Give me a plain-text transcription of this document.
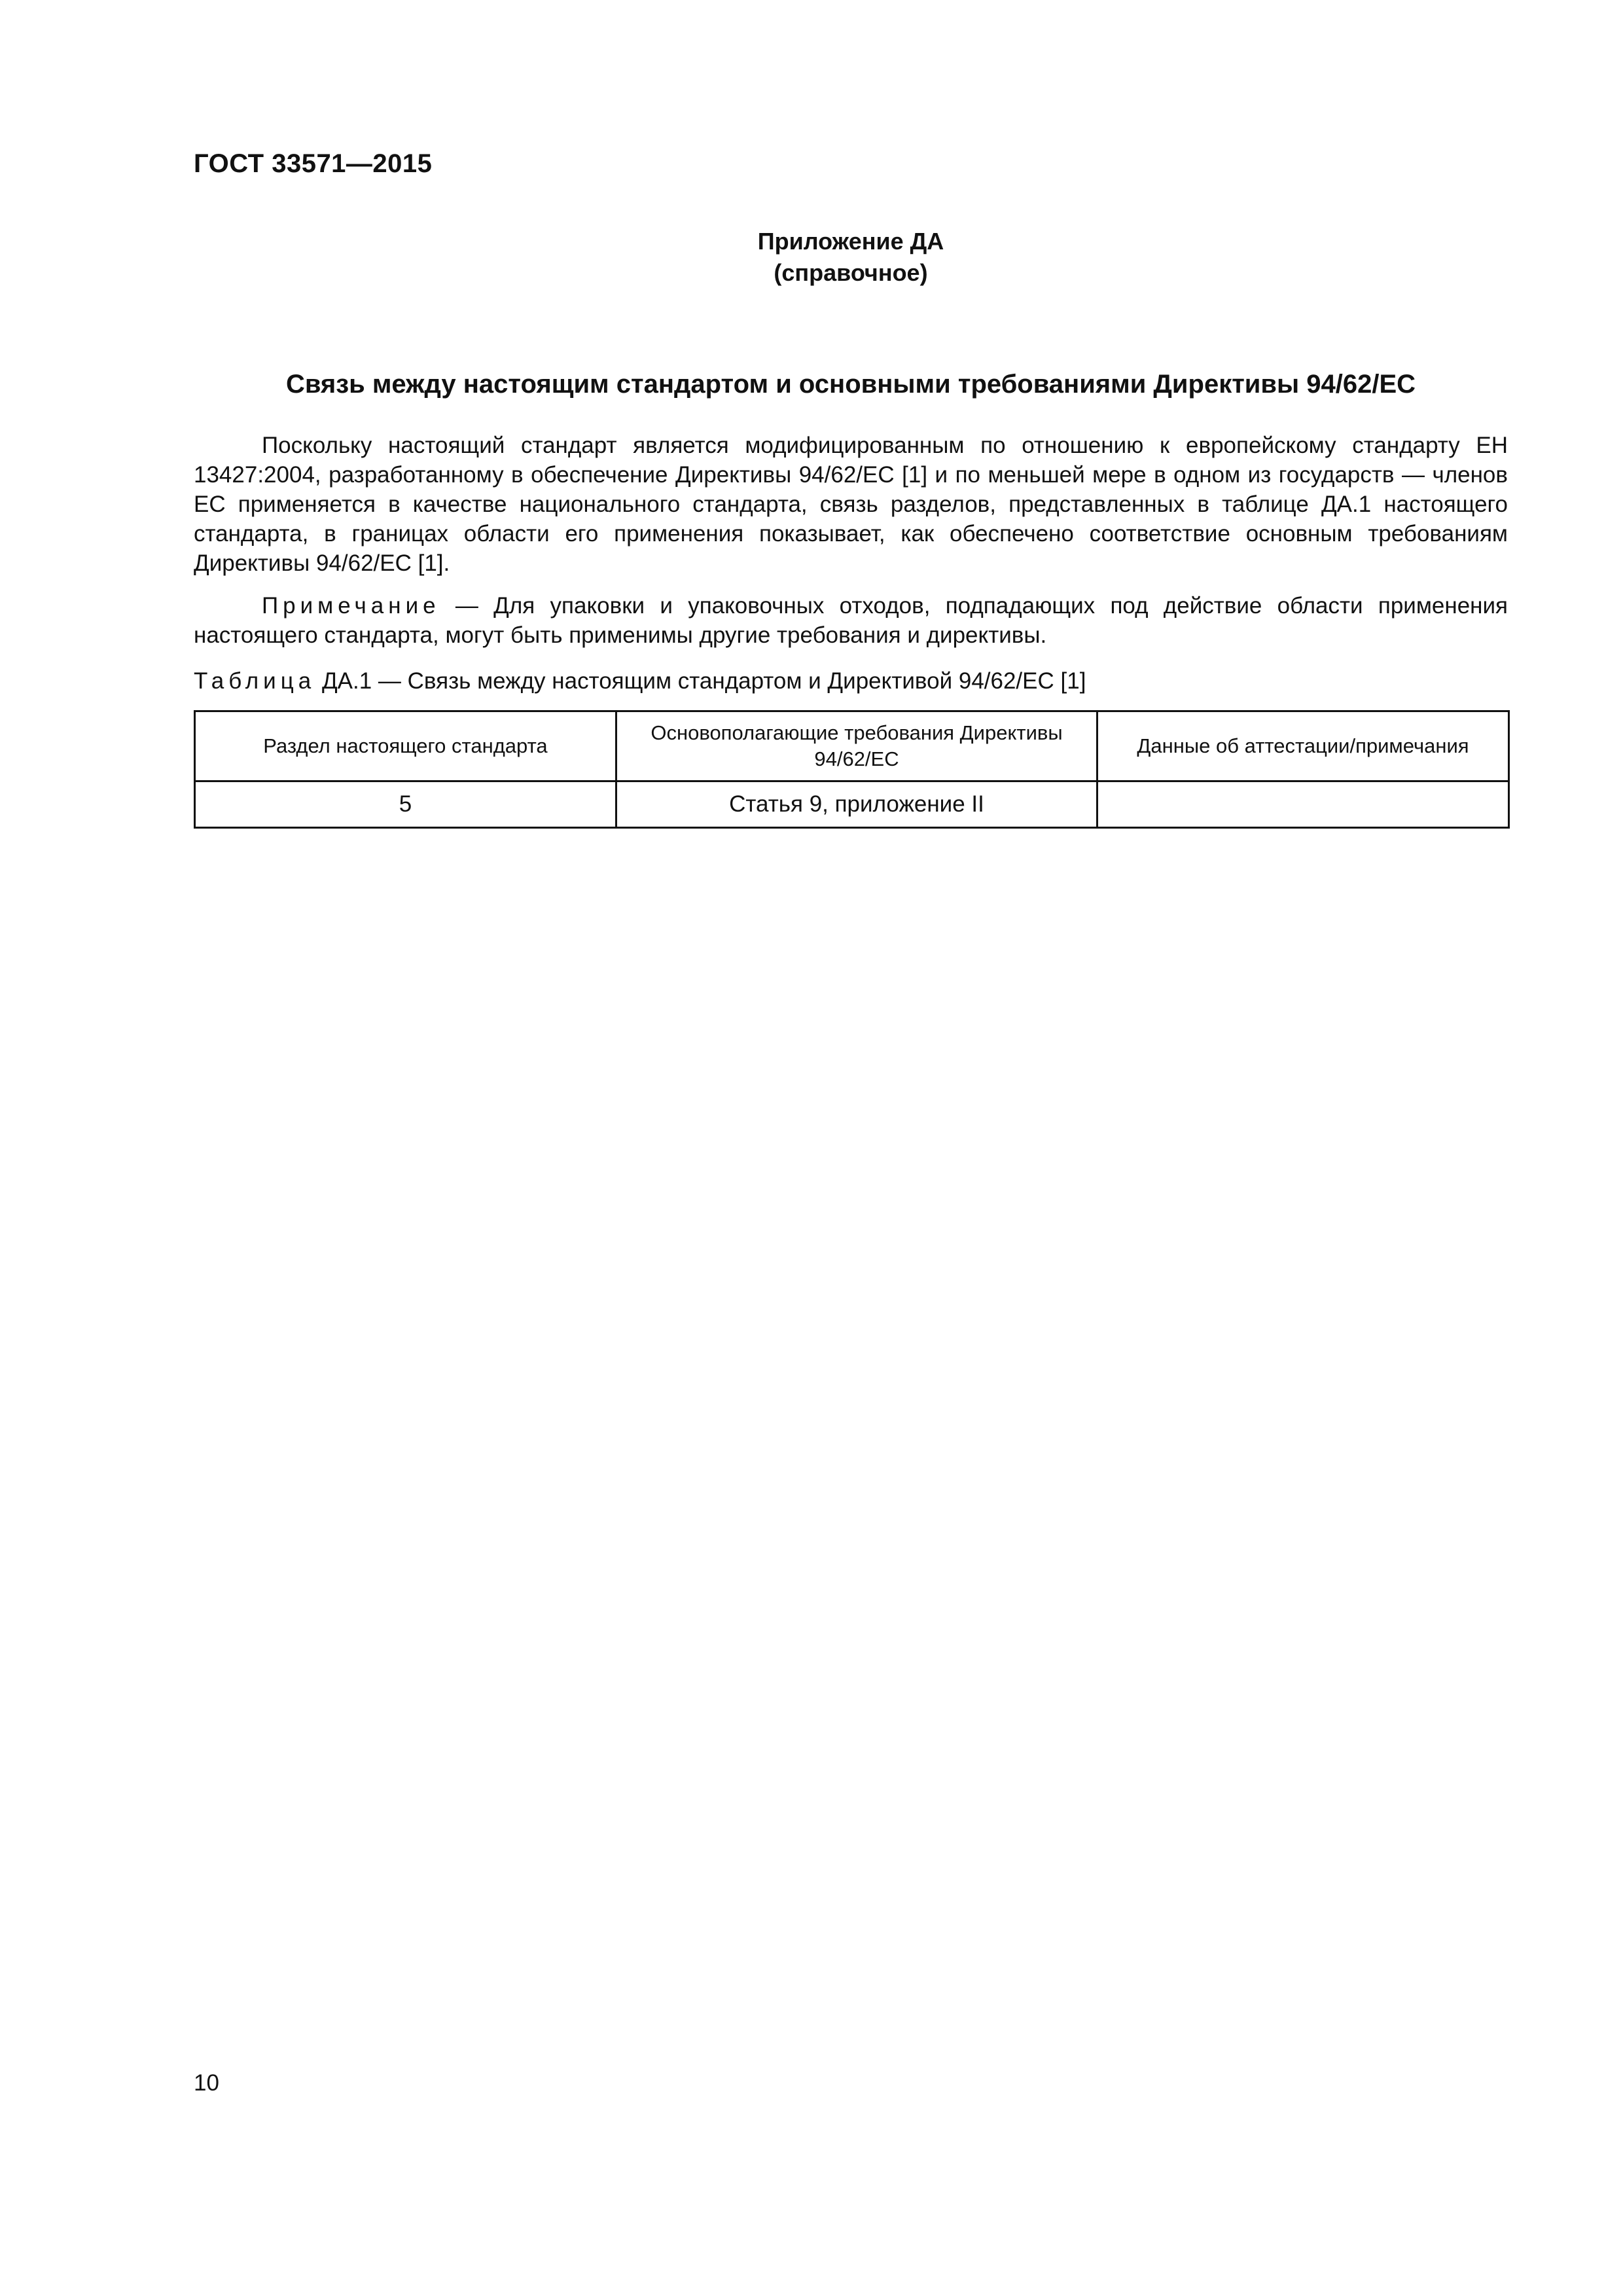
ГОСТ 33571—2015
Приложение ДА
(справочное)
Связь между настоящим стандартом и основными требованиями Директивы 94/62/ЕС
Поскольку настоящий стандарт является модифицированным по отношению к европейскому стандарту ЕН 13427:2004, разработанному в обеспечение Директивы 94/62/ЕС [1] и по меньшей мере в одном из государств — членов ЕС применяется в качестве национального стандарта, связь разделов, представленных в таблице ДА.1 настоящего стандарта, в границах области его применения показывает, как обеспечено соответствие основным требованиям Директивы 94/62/ЕС [1].
Примечание — Для упаковки и упаковочных отходов, подпадающих под действие области применения настоящего стандарта, могут быть применимы другие требования и директивы.
Таблица ДА.1 — Связь между настоящим стандартом и Директивой 94/62/ЕС [1]
Раздел настоящего стандарта	Основополагающие требования Директивы 94/62/ЕС	Данные об аттестации/примечания
5	Статья 9, приложение II	
10
